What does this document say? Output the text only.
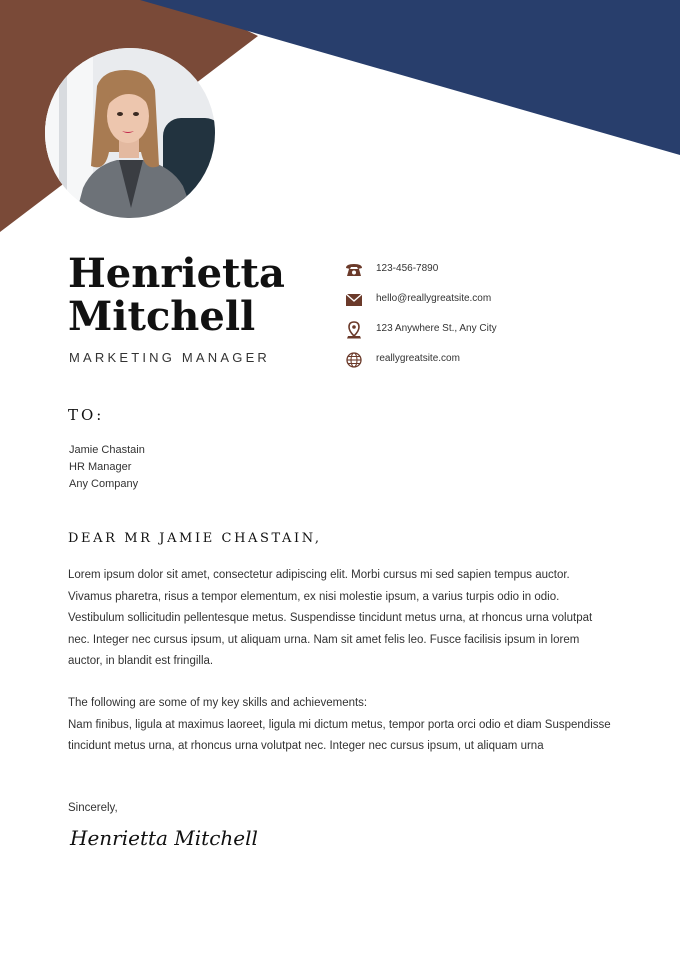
Henrietta
Mitchell
MARKETING MANAGER
123-456-7890
hello@reallygreatsite.com
123 Anywhere St., Any City
reallygreatsite.com
TO:
Jamie Chastain
HR Manager
Any Company
DEAR MR JAMIE CHASTAIN,

Lorem ipsum dolor sit amet, consectetur adipiscing elit. Morbi cursus mi sed sapien tempus auctor. Vivamus pharetra, risus a tempor elementum, ex nisi molestie ipsum, a varius turpis odio in odio. Vestibulum sollicitudin pellentesque metus. Suspendisse tincidunt metus urna, at rhoncus urna volutpat nec. Integer nec cursus ipsum, ut aliquam urna. Nam sit amet felis leo. Fusce facilisis ipsum in lorem auctor, in blandit est fringilla.

The following are some of my key skills and achievements:
Nam finibus, ligula at maximus laoreet, ligula mi dictum metus, tempor porta orci odio et diam Suspendisse tincidunt metus urna, at rhoncus urna volutpat nec. Integer nec cursus ipsum, ut aliquam urna
Sincerely,
Henrietta Mitchell
